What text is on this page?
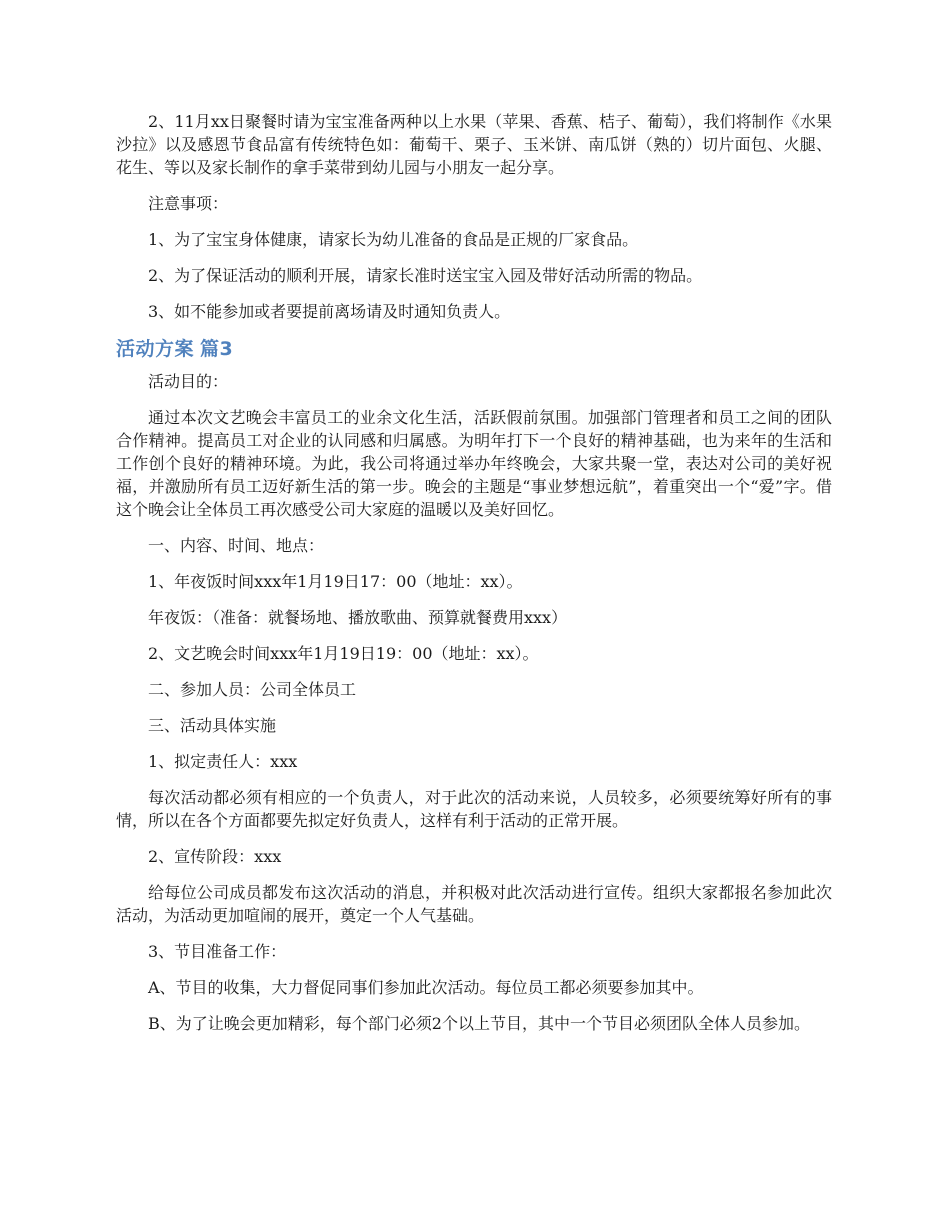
2、11月xx日聚餐时请为宝宝准备两种以上水果（苹果、香蕉、桔子、葡萄），我们将制作《水果沙拉》以及感恩节食品富有传统特色如：葡萄干、栗子、玉米饼、南瓜饼（熟的）切片面包、火腿、花生、等以及家长制作的拿手菜带到幼儿园与小朋友一起分享。

注意事项：

1、为了宝宝身体健康，请家长为幼儿准备的食品是正规的厂家食品。

2、为了保证活动的顺利开展，请家长准时送宝宝入园及带好活动所需的物品。

3、如不能参加或者要提前离场请及时通知负责人。

活动方案 篇3

活动目的：

通过本次文艺晚会丰富员工的业余文化生活，活跃假前氛围。加强部门管理者和员工之间的团队合作精神。提高员工对企业的认同感和归属感。为明年打下一个良好的精神基础，也为来年的生活和工作创个良好的精神环境。为此，我公司将通过举办年终晚会，大家共聚一堂，表达对公司的美好祝福，并激励所有员工迈好新生活的第一步。晚会的主题是“事业梦想远航”，着重突出一个“爱”字。借这个晚会让全体员工再次感受公司大家庭的温暖以及美好回忆。

一、内容、时间、地点：

1、年夜饭时间xxx年1月19日17：00（地址：xx）。

年夜饭：（准备：就餐场地、播放歌曲、预算就餐费用xxx）

2、文艺晚会时间xxx年1月19日19：00（地址：xx）。

二、参加人员：公司全体员工

三、活动具体实施

1、拟定责任人：xxx

每次活动都必须有相应的一个负责人，对于此次的活动来说，人员较多，必须要统筹好所有的事情，所以在各个方面都要先拟定好负责人，这样有利于活动的正常开展。

2、宣传阶段：xxx

给每位公司成员都发布这次活动的消息，并积极对此次活动进行宣传。组织大家都报名参加此次活动，为活动更加喧闹的展开，奠定一个人气基础。

3、节目准备工作：

A、节目的收集，大力督促同事们参加此次活动。每位员工都必须要参加其中。

B、为了让晚会更加精彩，每个部门必须2个以上节目，其中一个节目必须团队全体人员参加。
